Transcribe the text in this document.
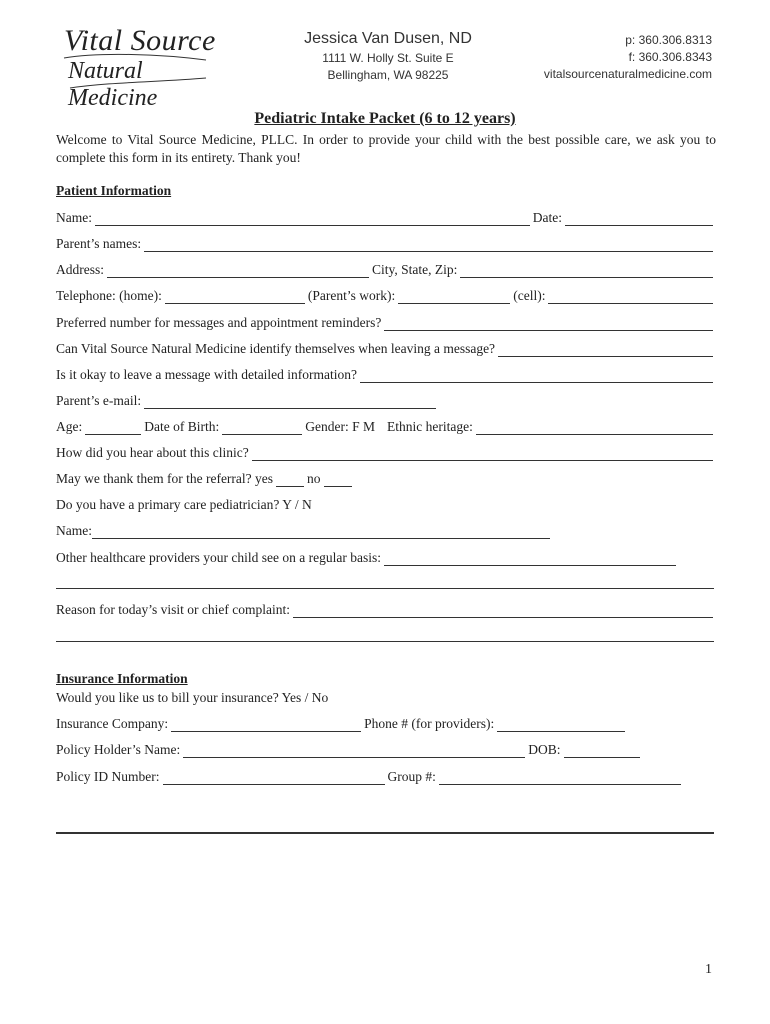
Vital Source
Natural Medicine
Jessica Van Dusen, ND
1111 W. Holly St. Suite E
Bellingham, WA 98225
p: 360.306.8313
f: 360.306.8343
vitalsourcenaturalmedicine.com
Pediatric Intake Packet (6 to 12 years)
Welcome to Vital Source Medicine, PLLC. In order to provide your child with the best possible care, we ask you to complete this form in its entirety. Thank you!
Patient Information
Name:	Date:
Parent’s names:
Address:	City, State, Zip:
Telephone: (home):	(Parent’s work):	(cell):
Preferred number for messages and appointment reminders?
Can Vital Source Natural Medicine identify themselves when leaving a message?
Is it okay to leave a message with detailed information?
Parent’s e-mail:
Age:	Date of Birth:	Gender: F M Ethnic heritage:
How did you hear about this clinic?
May we thank them for the referral? yes	no
Do you have a primary care pediatrician? Y / N
Name:
Other healthcare providers your child see on a regular basis:
Reason for today’s visit or chief complaint:
Insurance Information
Would you like us to bill your insurance? Yes / No
Insurance Company:	Phone # (for providers):
Policy Holder’s Name:	DOB:
Policy ID Number:	Group #:
1
